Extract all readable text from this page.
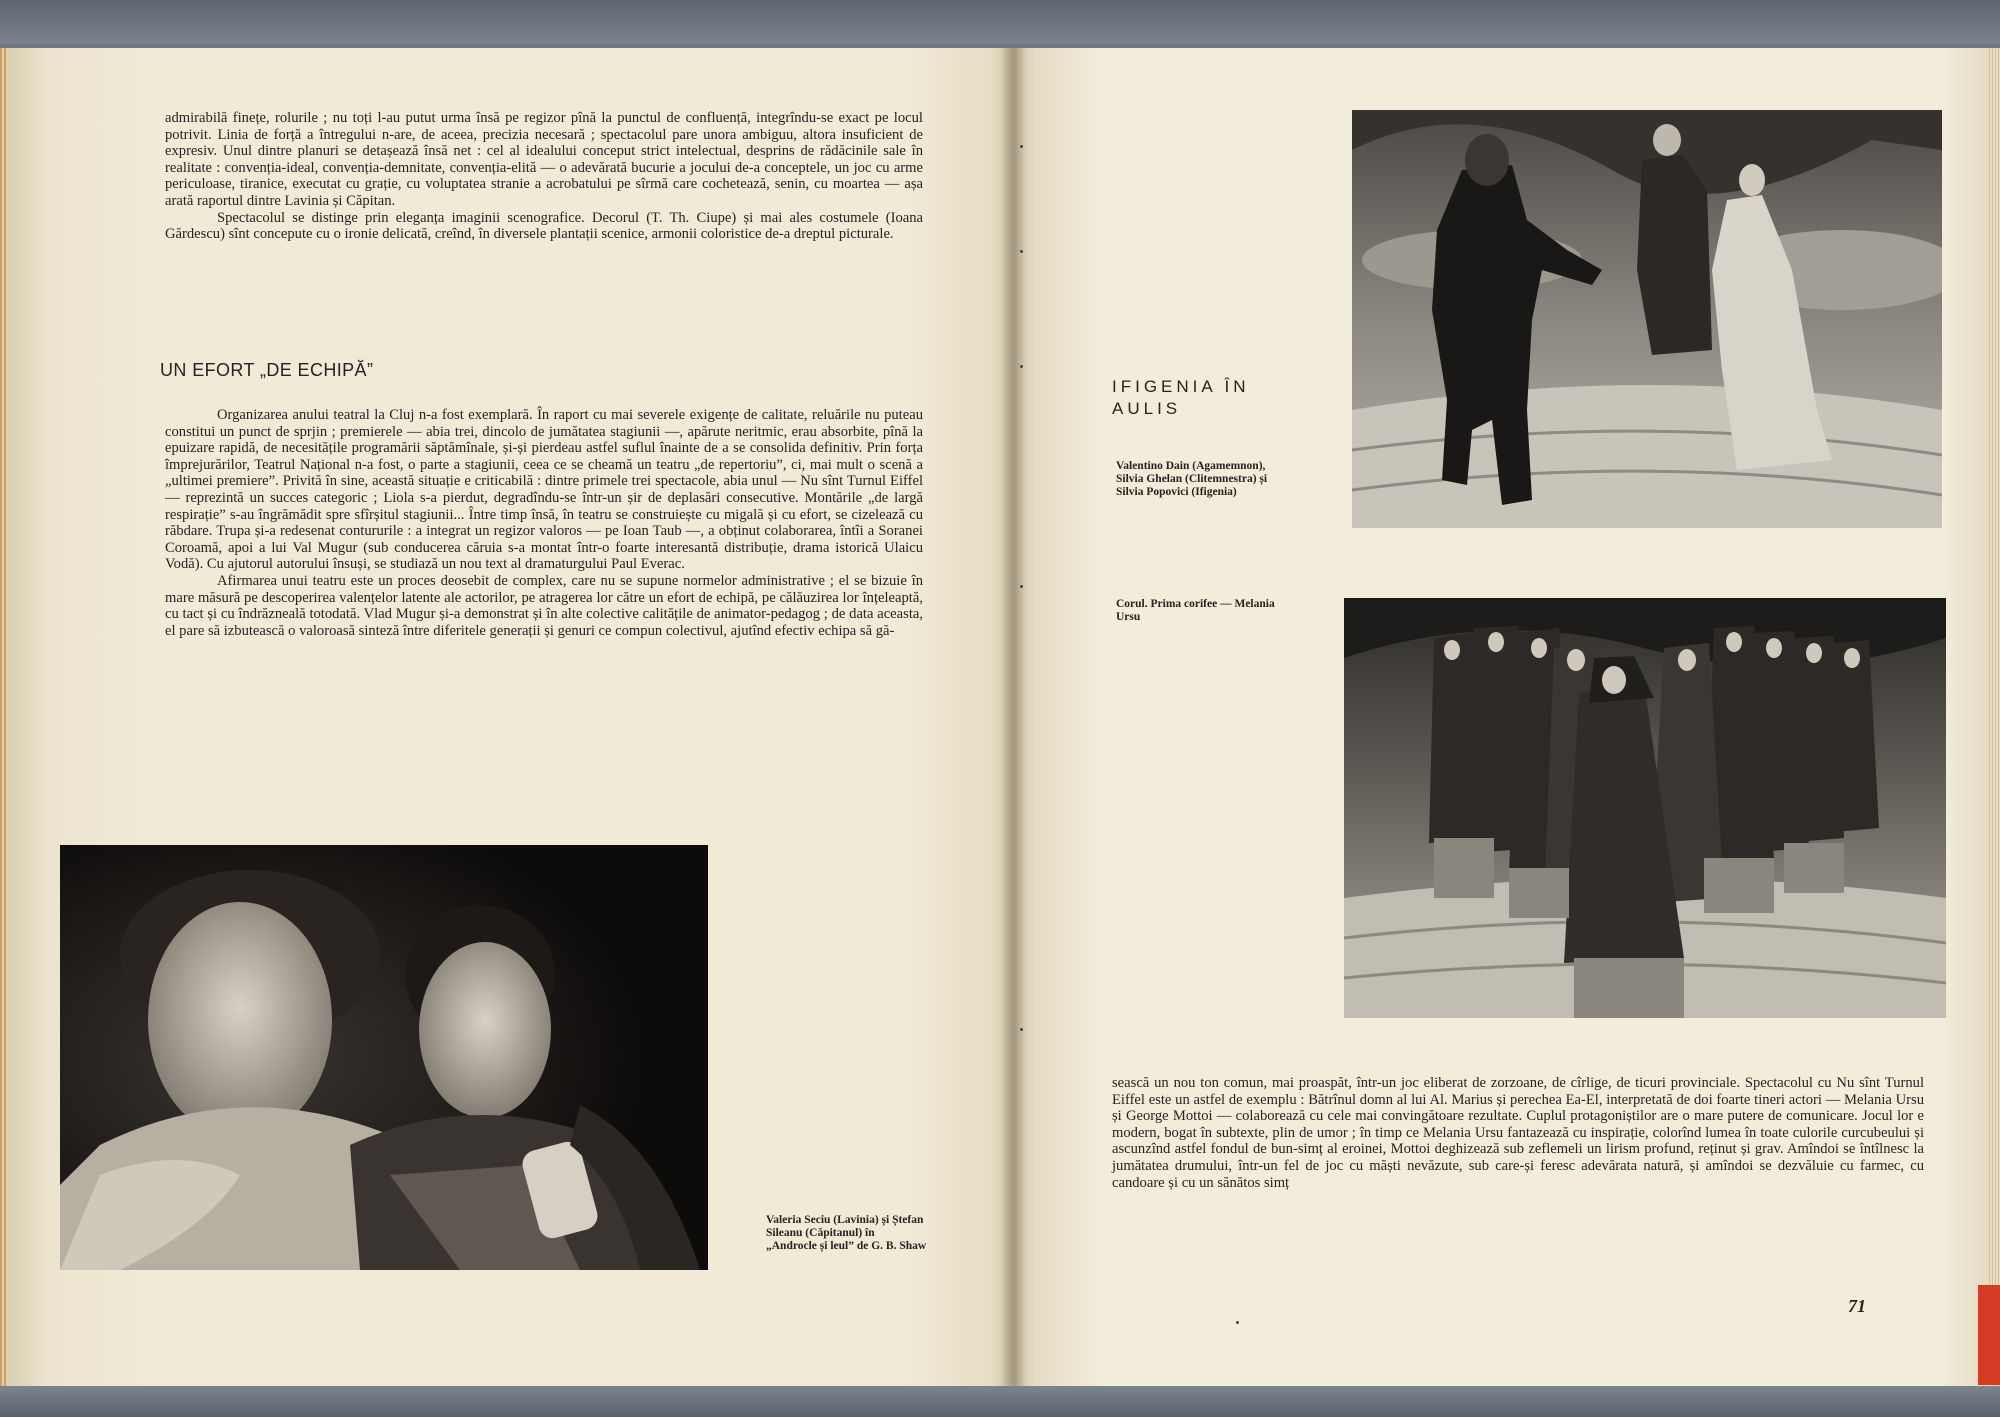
admirabilă finețe, rolurile ; nu toți l-au putut urma însă pe regizor pînă la punctul de confluență, integrîndu-se exact pe locul potrivit. Linia de forță a întregului n-are, de aceea, precizia necesară ; spectacolul pare unora ambiguu, altora insuficient de expresiv. Unul dintre planuri se detașează însă net : cel al idealului conceput strict intelectual, desprins de rădăcinile sale în realitate : convenția-ideal, convenția-demnitate, convenția-elită — o adevărată bucurie a jocului de-a conceptele, un joc cu arme periculoase, tiranice, executat cu grație, cu voluptatea stranie a acrobatului pe sîrmă care cochetează, senin, cu moartea — așa arată raportul dintre Lavinia și Căpitan.

Spectacolul se distinge prin eleganța imaginii scenografice. Decorul (T. Th. Ciupe) și mai ales costumele (Ioana Gărdescu) sînt concepute cu o ironie delicată, creînd, în diversele plantații scenice, armonii coloristice de-a dreptul picturale.

UN EFORT „DE ECHIPĂ”

Organizarea anului teatral la Cluj n-a fost exemplară. În raport cu mai severele exigențe de calitate, reluările nu puteau constitui un punct de sprjin ; premierele — abia trei, dincolo de jumătatea stagiunii —, apărute neritmic, erau absorbite, pînă la epuizare rapidă, de necesitățile programării săptămînale, și-și pierdeau astfel suflul înainte de a se consolida definitiv. Prin forța împrejurărilor, Teatrul Național n-a fost, o parte a stagiunii, ceea ce se cheamă un teatru „de repertoriu”, ci, mai mult o scenă a „ultimei premiere”. Privită în sine, această situație e criticabilă : dintre primele trei spectacole, abia unul — Nu sînt Turnul Eiffel — reprezintă un succes categoric ; Liola s-a pierdut, degradîndu-se într-un șir de deplasări consecutive. Montările „de largă respirație” s-au îngrămădit spre sfîrșitul stagiunii... Între timp însă, în teatru se construiește cu migală și cu efort, se cizelează cu răbdare. Trupa și-a redesenat contururile : a integrat un regizor valoros — pe Ioan Taub —, a obținut colaborarea, întîi a Soranei Coroamă, apoi a lui Val Mugur (sub conducerea căruia s-a montat într-o foarte interesantă distribuție, drama istorică Ulaicu Vodă). Cu ajutorul autorului însuși, se studiază un nou text al dramaturgului Paul Everac.

Afirmarea unui teatru este un proces deosebit de complex, care nu se supune normelor administrative ; el se bizuie în mare măsură pe descoperirea valențelor latente ale actorilor, pe atragerea lor către un efort de echipă, pe călăuzirea lor înțeleaptă, cu tact și cu îndrăzneală totodată. Vlad Mugur și-a demonstrat și în alte colective calitățile de animator-pedagog ; de data aceasta, el pare să izbutească o valoroasă sinteză între diferitele generații și genuri ce compun colectivul, ajutînd efectiv echipa să gă-

Valeria Seciu (Lavinia) și Ștefan Sileanu (Căpitanul) în „Androcle și leul” de G. B. Shaw

IFIGENIA ÎN AULIS

Valentino Dain (Agamemnon), Silvia Ghelan (Clitemnestra) și Silvia Popovici (Ifigenia)

Corul. Prima corifee — Melania Ursu

sească un nou ton comun, mai proaspăt, într-un joc eliberat de zorzoane, de cîrlige, de ticuri provinciale. Spectacolul cu Nu sînt Turnul Eiffel este un astfel de exemplu : Bătrînul domn al lui Al. Marius și perechea Ea-El, interpretată de doi foarte tineri actori — Melania Ursu și George Mottoi — colaborează cu cele mai convingătoare rezultate. Cuplul protagoniștilor are o mare putere de comunicare. Jocul lor e modern, bogat în subtexte, plin de umor ; în timp ce Melania Ursu fantazează cu inspirație, colorînd lumea în toate culorile curcubeului și ascunzînd astfel fondul de bun-simț al eroinei, Mottoi deghizează sub zeflemeli un lirism profund, reținut și grav. Amîndoi se întîlnesc la jumătatea drumului, într-un fel de joc cu măști nevăzute, sub care-și feresc adevărata natură, și amîndoi se dezvăluie cu farmec, cu candoare și cu un sănătos simț

71
